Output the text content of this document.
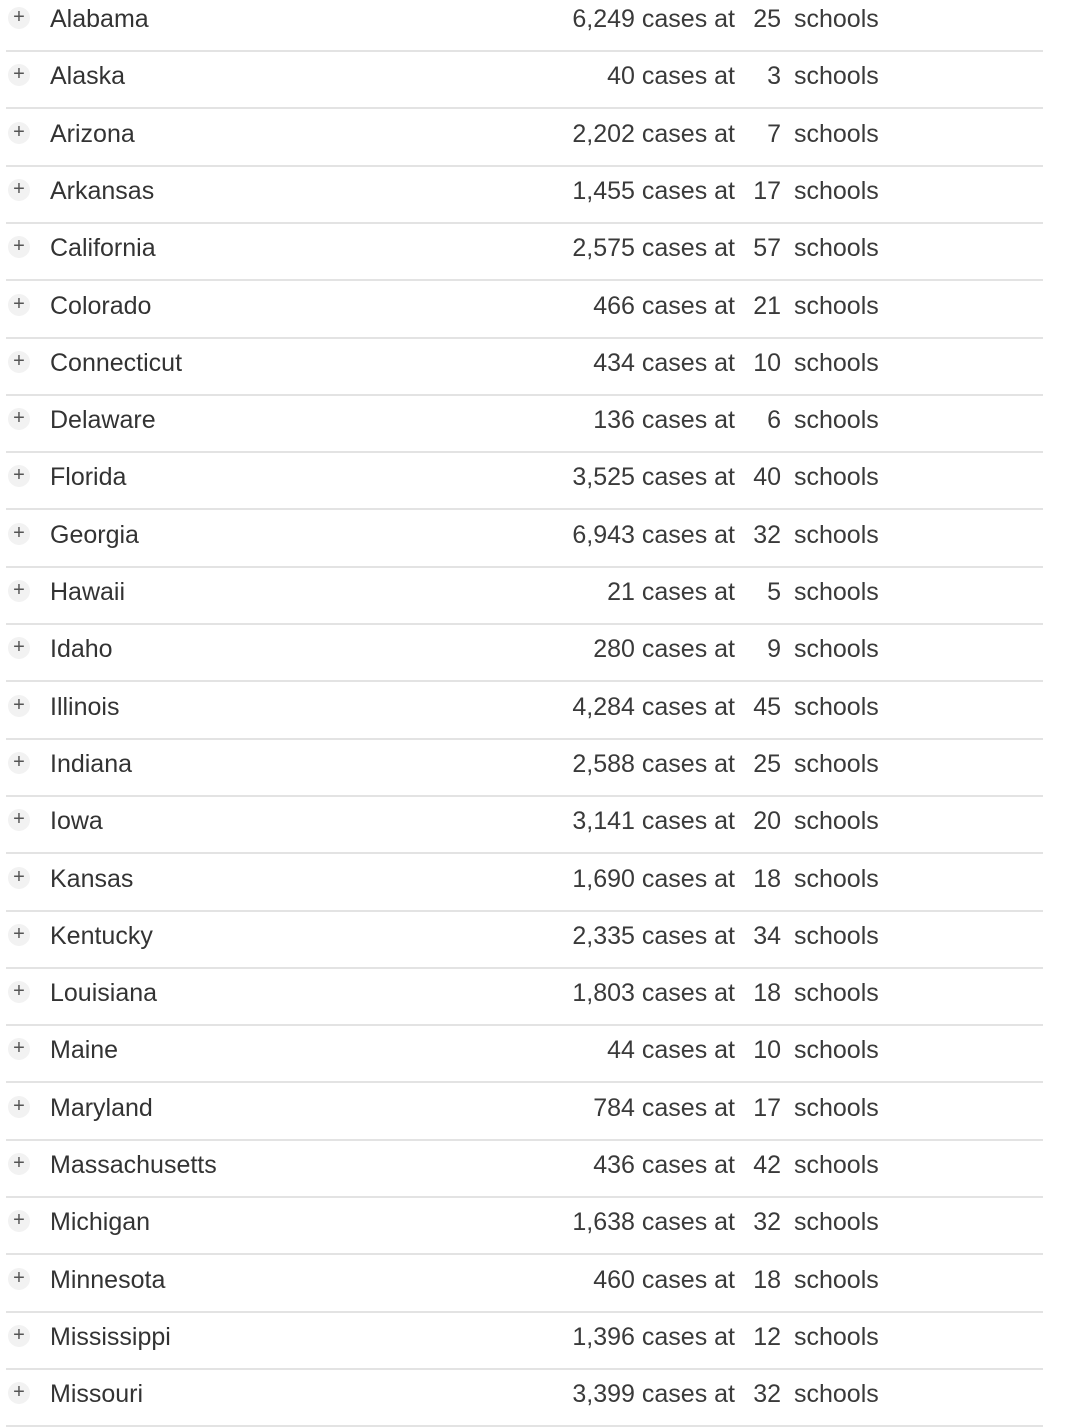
+ Alabama	6,249 cases at 25 schools
+ Alaska	40 cases at 3 schools
+ Arizona	2,202 cases at 7 schools
+ Arkansas	1,455 cases at 17 schools
+ California	2,575 cases at 57 schools
+ Colorado	466 cases at 21 schools
+ Connecticut	434 cases at 10 schools
+ Delaware	136 cases at 6 schools
+ Florida	3,525 cases at 40 schools
+ Georgia	6,943 cases at 32 schools
+ Hawaii	21 cases at 5 schools
+ Idaho	280 cases at 9 schools
+ Illinois	4,284 cases at 45 schools
+ Indiana	2,588 cases at 25 schools
+ Iowa	3,141 cases at 20 schools
+ Kansas	1,690 cases at 18 schools
+ Kentucky	2,335 cases at 34 schools
+ Louisiana	1,803 cases at 18 schools
+ Maine	44 cases at 10 schools
+ Maryland	784 cases at 17 schools
+ Massachusetts	436 cases at 42 schools
+ Michigan	1,638 cases at 32 schools
+ Minnesota	460 cases at 18 schools
+ Mississippi	1,396 cases at 12 schools
+ Missouri	3,399 cases at 32 schools
